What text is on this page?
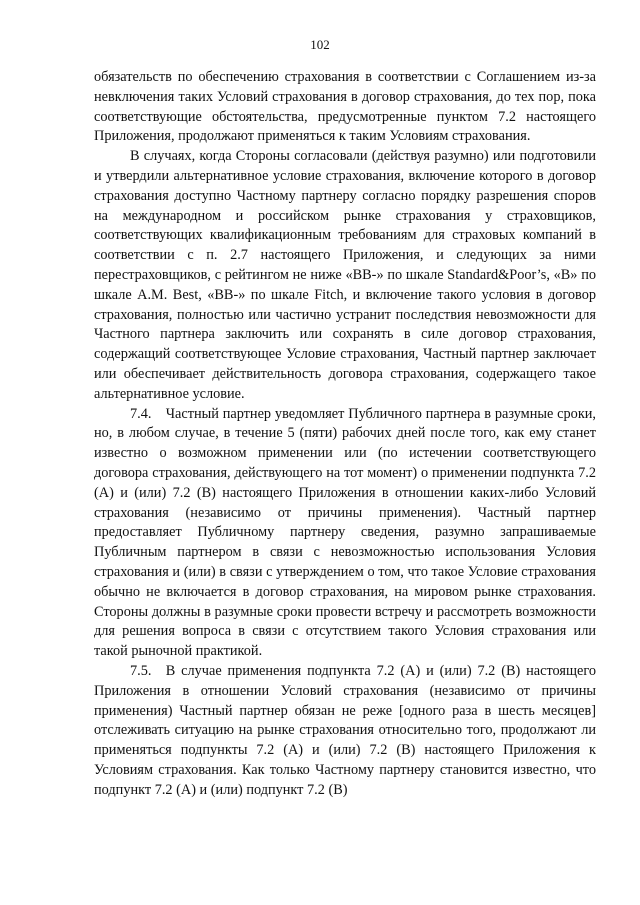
102

обязательств по обеспечению страхования в соответствии с Соглашением из-за невключения таких Условий страхования в договор страхования, до тех пор, пока соответствующие обстоятельства, предусмотренные пунктом 7.2 настоящего Приложения, продолжают применяться к таким Условиям страхования.

В случаях, когда Стороны согласовали (действуя разумно) или подготовили и утвердили альтернативное условие страхования, включение которого в договор страхования доступно Частному партнеру согласно порядку разрешения споров на международном и российском рынке страхования у страховщиков, соответствующих квалификационным требованиям для страховых компаний в соответствии с п. 2.7 настоящего Приложения, и следующих за ними перестраховщиков, с рейтингом не ниже «BB-» по шкале Standard&Poor’s, «B» по шкале A.M. Best, «BB-» по шкале Fitch, и включение такого условия в договор страхования, полностью или частично устранит последствия невозможности для Частного партнера заключить или сохранять в силе договор страхования, содержащий соответствующее Условие страхования, Частный партнер заключает или обеспечивает действительность договора страхования, содержащего такое альтернативное условие.

7.4. Частный партнер уведомляет Публичного партнера в разумные сроки, но, в любом случае, в течение 5 (пяти) рабочих дней после того, как ему станет известно о возможном применении или (по истечении соответствующего договора страхования, действующего на тот момент) о применении подпункта 7.2 (A) и (или) 7.2 (B) настоящего Приложения в отношении каких-либо Условий страхования (независимо от причины применения). Частный партнер предоставляет Публичному партнеру сведения, разумно запрашиваемые Публичным партнером в связи с невозможностью использования Условия страхования и (или) в связи с утверждением о том, что такое Условие страхования обычно не включается в договор страхования, на мировом рынке страхования. Стороны должны в разумные сроки провести встречу и рассмотреть возможности для решения вопроса в связи с отсутствием такого Условия страхования или такой рыночной практикой.

7.5. В случае применения подпункта 7.2 (A) и (или) 7.2 (B) настоящего Приложения в отношении Условий страхования (независимо от причины применения) Частный партнер обязан не реже [одного раза в шесть месяцев] отслеживать ситуацию на рынке страхования относительно того, продолжают ли применяться подпункты 7.2 (A) и (или) 7.2 (B) настоящего Приложения к Условиям страхования. Как только Частному партнеру становится известно, что подпункт 7.2 (A) и (или) подпункт 7.2 (B)
